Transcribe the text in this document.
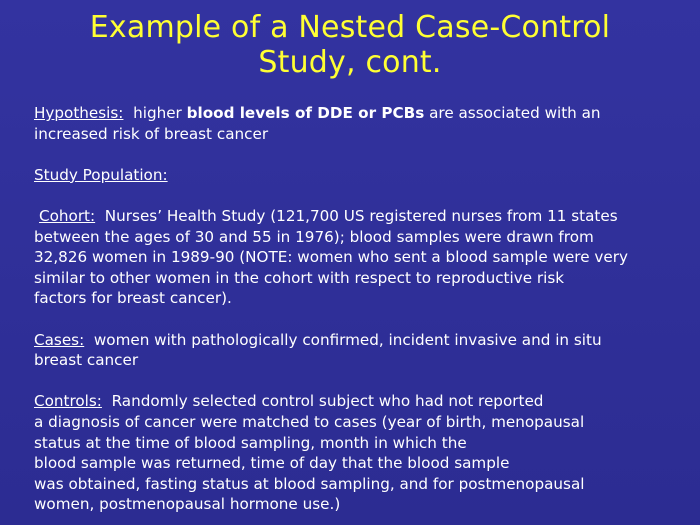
Example of a Nested Case-Control
Study, cont.
Hypothesis:  higher blood levels of DDE or PCBs are associated with an
increased risk of breast cancer
Study Population:
Cohort:  Nurses’ Health Study (121,700 US registered nurses from 11 states
between the ages of 30 and 55 in 1976); blood samples were drawn from
32,826 women in 1989-90 (NOTE: women who sent a blood sample were very
similar to other women in the cohort with respect to reproductive risk
factors for breast cancer).
Cases:  women with pathologically confirmed, incident invasive and in situ
breast cancer
Controls:  Randomly selected control subject who had not reported
a diagnosis of cancer were matched to cases (year of birth, menopausal
status at the time of blood sampling, month in which the
blood sample was returned, time of day that the blood sample
was obtained, fasting status at blood sampling, and for postmenopausal
women, postmenopausal hormone use.)
